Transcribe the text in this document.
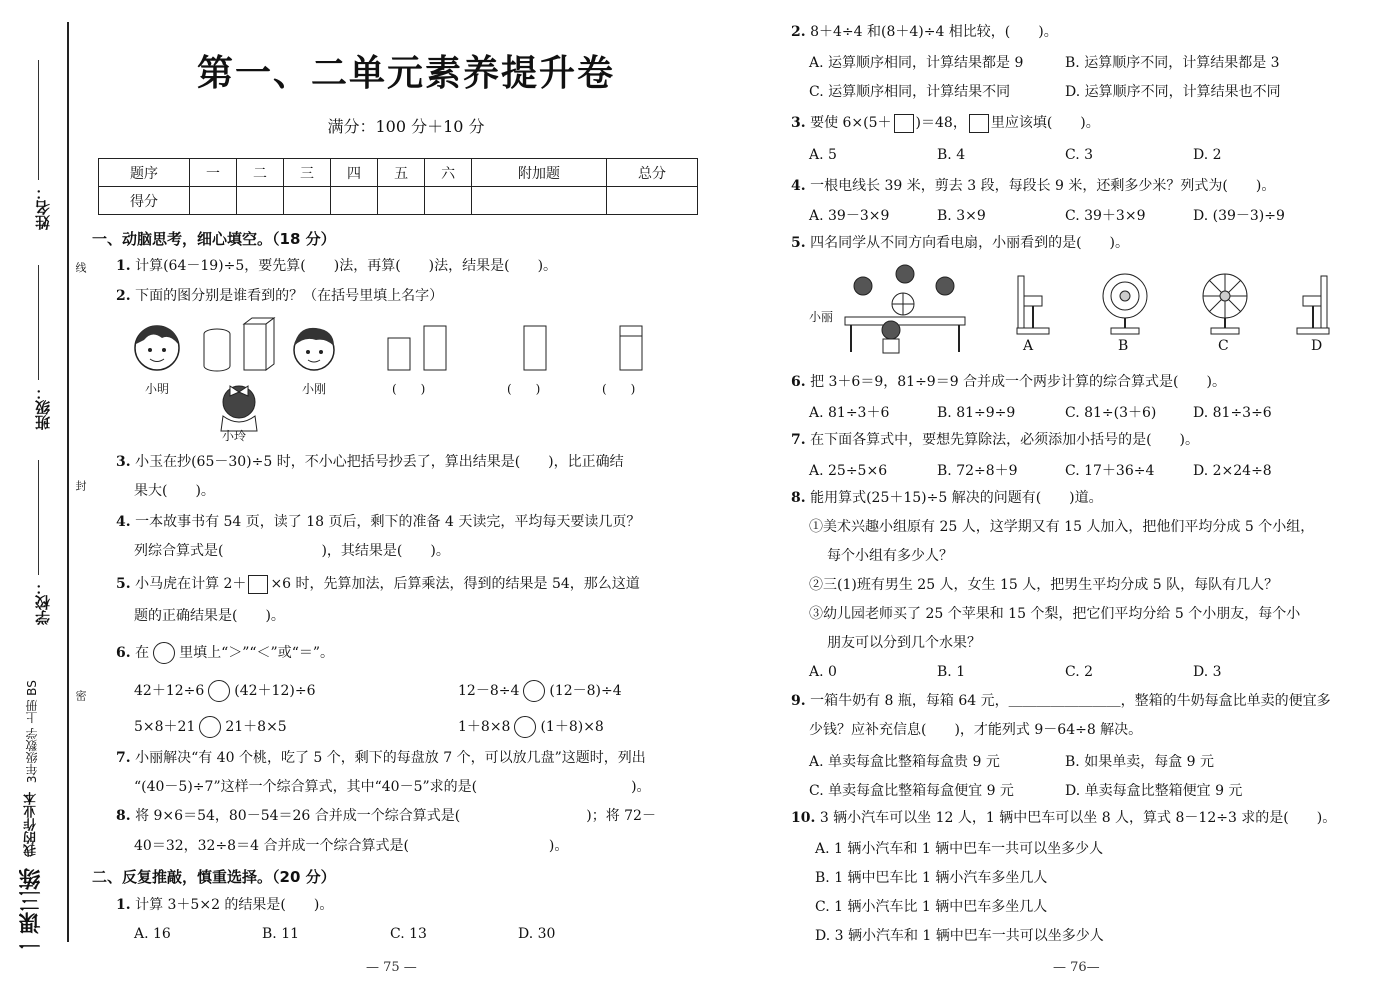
姓名：
线
班级：
封
学校：
密
一课三练 我的作业本 3年级数学 上册 BS
第一、二单元素养提升卷
满分：100 分＋10 分
题序	一	二	三	四	五	六	附加题	总分
得分								
一、动脑思考，细心填空。（18 分）
1. 计算(64－19)÷5，要先算(　　)法，再算(　　)法，结果是(　　)。
2. 下面的图分别是谁看到的？（在括号里填上名字）
小明
小玲
小刚	(　　)	(　　)	(　　)
3. 小玉在抄(65－30)÷5 时，不小心把括号抄丢了，算出结果是(　　)，比正确结
果大(　　)。
4. 一本故事书有 54 页，读了 18 页后，剩下的准备 4 天读完，平均每天要读几页？
列综合算式是(　　　　　　　)，其结果是(　　)。
5. 小马虎在计算 2＋ ×6 时，先算加法，后算乘法，得到的结果是 54，那么这道
题的正确结果是(　　)。
6. 在 里填上“＞”“＜”或“＝”。
42＋12÷6 (42＋12)÷6	12－8÷4 (12－8)÷4
5×8＋21 21＋8×5	1＋8×8 (1＋8)×8
7. 小丽解决“有 40 个桃，吃了 5 个，剩下的每盘放 7 个，可以放几盘”这题时，列出
“(40－5)÷7”这样一个综合算式，其中“40－5”求的是(　　　　　　　　　　　)。
8. 将 9×6＝54，80－54＝26 合并成一个综合算式是(　　　　　　　　　)；将 72－
40＝32，32÷8＝4 合并成一个综合算式是(　　　　　　　　　　)。
二、反复推敲，慎重选择。（20 分）
1. 计算 3＋5×2 的结果是(　　)。
A. 16	B. 11	C. 13	D. 30
— 75 —
2. 8＋4÷4 和(8＋4)÷4 相比较，(　　)。
A. 运算顺序相同，计算结果都是 9	B. 运算顺序不同，计算结果都是 3
C. 运算顺序相同，计算结果不同	D. 运算顺序不同，计算结果也不同
3. 要使 6×(5＋ )＝48， 里应该填(　　)。
A. 5	B. 4	C. 3	D. 2
4. 一根电线长 39 米，剪去 3 段，每段长 9 米，还剩多少米？列式为(　　)。
A. 39－3×9	B. 3×9	C. 39＋3×9	D. (39－3)÷9
5. 四名同学从不同方向看电扇，小丽看到的是(　　)。
小丽
A	B	C	D
6. 把 3＋6＝9，81÷9＝9 合并成一个两步计算的综合算式是(　　)。
A. 81÷3＋6	B. 81÷9÷9	C. 81÷(3＋6)	D. 81÷3÷6
7. 在下面各算式中，要想先算除法，必须添加小括号的是(　　)。
A. 25÷5×6	B. 72÷8＋9	C. 17＋36÷4	D. 2×24÷8
8. 能用算式(25＋15)÷5 解决的问题有(　　)道。
①美术兴趣小组原有 25 人，这学期又有 15 人加入，把他们平均分成 5 个小组，
每个小组有多少人？
②三(1)班有男生 25 人，女生 15 人，把男生平均分成 5 队，每队有几人？
③幼儿园老师买了 25 个苹果和 15 个梨，把它们平均分给 5 个小朋友，每个小
朋友可以分到几个水果？
A. 0	B. 1	C. 2	D. 3
9. 一箱牛奶有 8 瓶，每箱 64 元，＿＿＿＿＿＿＿＿，整箱的牛奶每盒比单卖的便宜多
少钱？应补充信息(　　)，才能列式 9－64÷8 解决。
A. 单卖每盒比整箱每盒贵 9 元	B. 如果单卖，每盒 9 元
C. 单卖每盒比整箱每盒便宜 9 元	D. 单卖每盒比整箱便宜 9 元
10. 3 辆小汽车可以坐 12 人，1 辆中巴车可以坐 8 人，算式 8－12÷3 求的是(　　)。
A. 1 辆小汽车和 1 辆中巴车一共可以坐多少人
B. 1 辆中巴车比 1 辆小汽车多坐几人
C. 1 辆小汽车比 1 辆中巴车多坐几人
D. 3 辆小汽车和 1 辆中巴车一共可以坐多少人
— 76—
